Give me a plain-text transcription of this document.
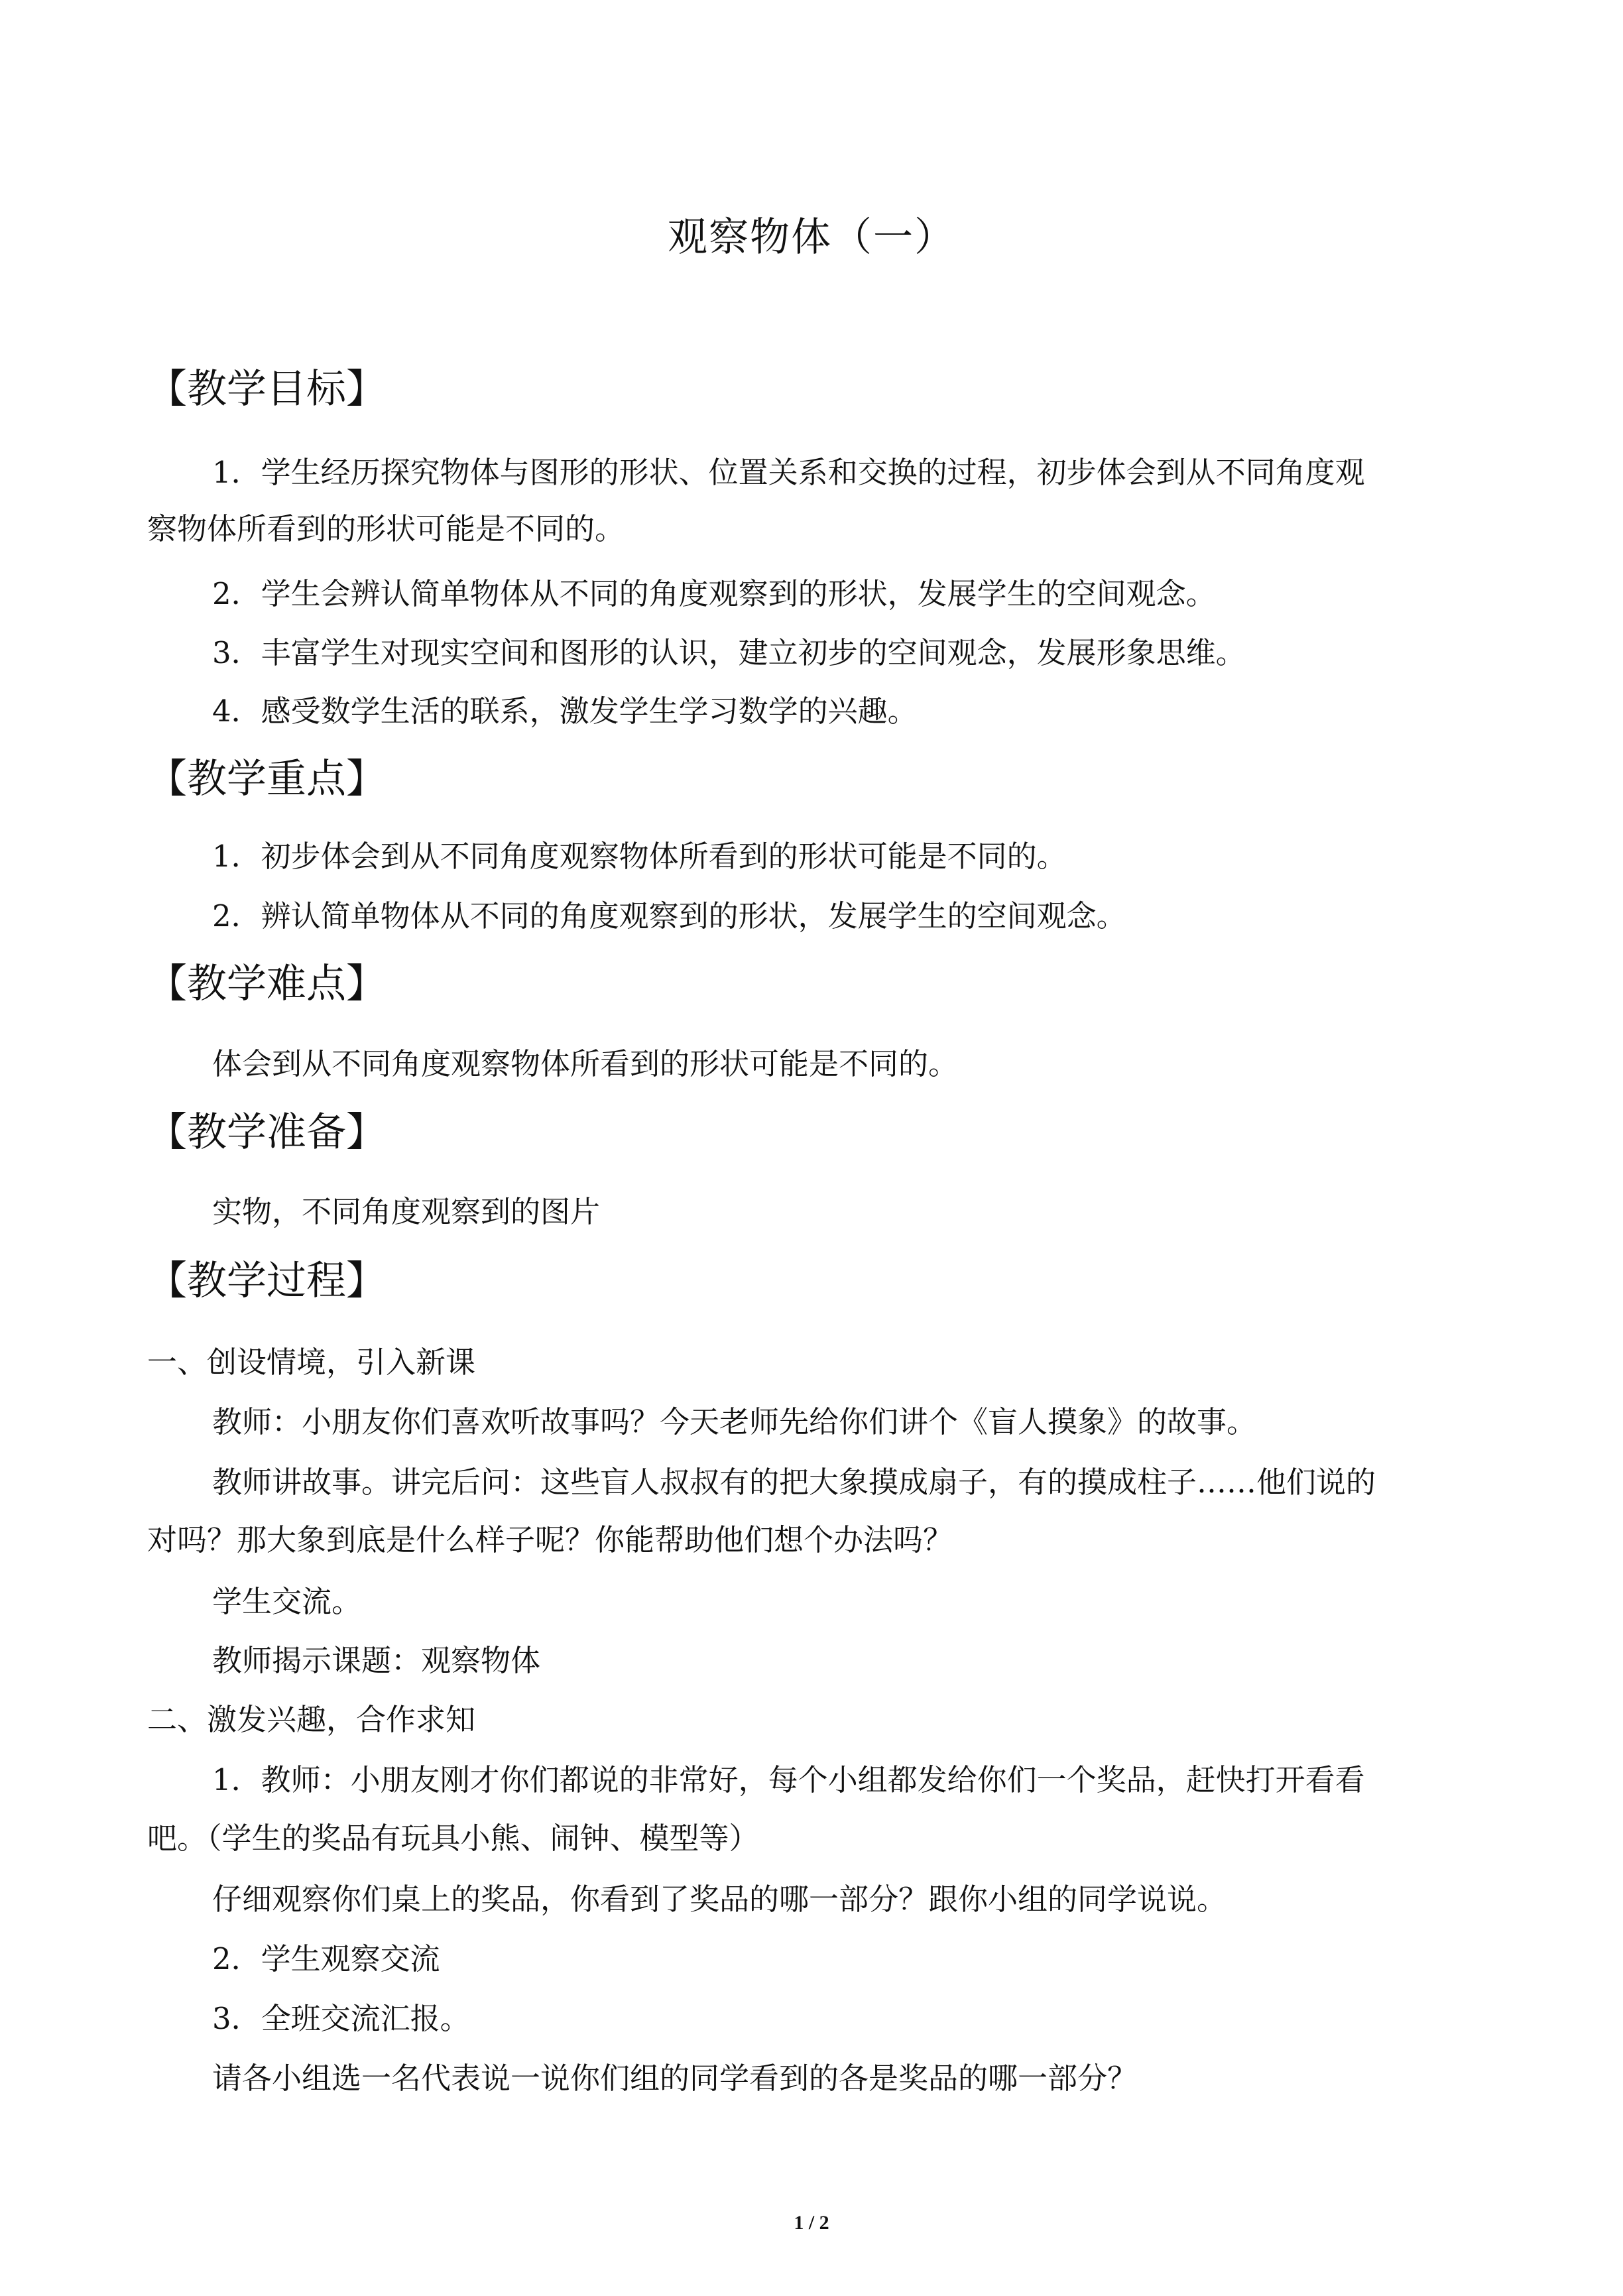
观察物体（一）
【教学目标】
1．学生经历探究物体与图形的形状、位置关系和交换的过程，初步体会到从不同角度观
察物体所看到的形状可能是不同的。
2．学生会辨认简单物体从不同的角度观察到的形状，发展学生的空间观念。
3．丰富学生对现实空间和图形的认识，建立初步的空间观念，发展形象思维。
4．感受数学生活的联系，激发学生学习数学的兴趣。
【教学重点】
1．初步体会到从不同角度观察物体所看到的形状可能是不同的。
2．辨认简单物体从不同的角度观察到的形状，发展学生的空间观念。
【教学难点】
体会到从不同角度观察物体所看到的形状可能是不同的。
【教学准备】
实物，不同角度观察到的图片
【教学过程】
一、创设情境，引入新课
教师：小朋友你们喜欢听故事吗？今天老师先给你们讲个《盲人摸象》的故事。
教师讲故事。讲完后问：这些盲人叔叔有的把大象摸成扇子，有的摸成柱子……他们说的
对吗？那大象到底是什么样子呢？你能帮助他们想个办法吗？
学生交流。
教师揭示课题：观察物体
二、激发兴趣，合作求知
1．教师：小朋友刚才你们都说的非常好，每个小组都发给你们一个奖品，赶快打开看看
吧。（学生的奖品有玩具小熊、闹钟、模型等）
仔细观察你们桌上的奖品，你看到了奖品的哪一部分？跟你小组的同学说说。
2．学生观察交流
3．全班交流汇报。
请各小组选一名代表说一说你们组的同学看到的各是奖品的哪一部分？
1 / 2
